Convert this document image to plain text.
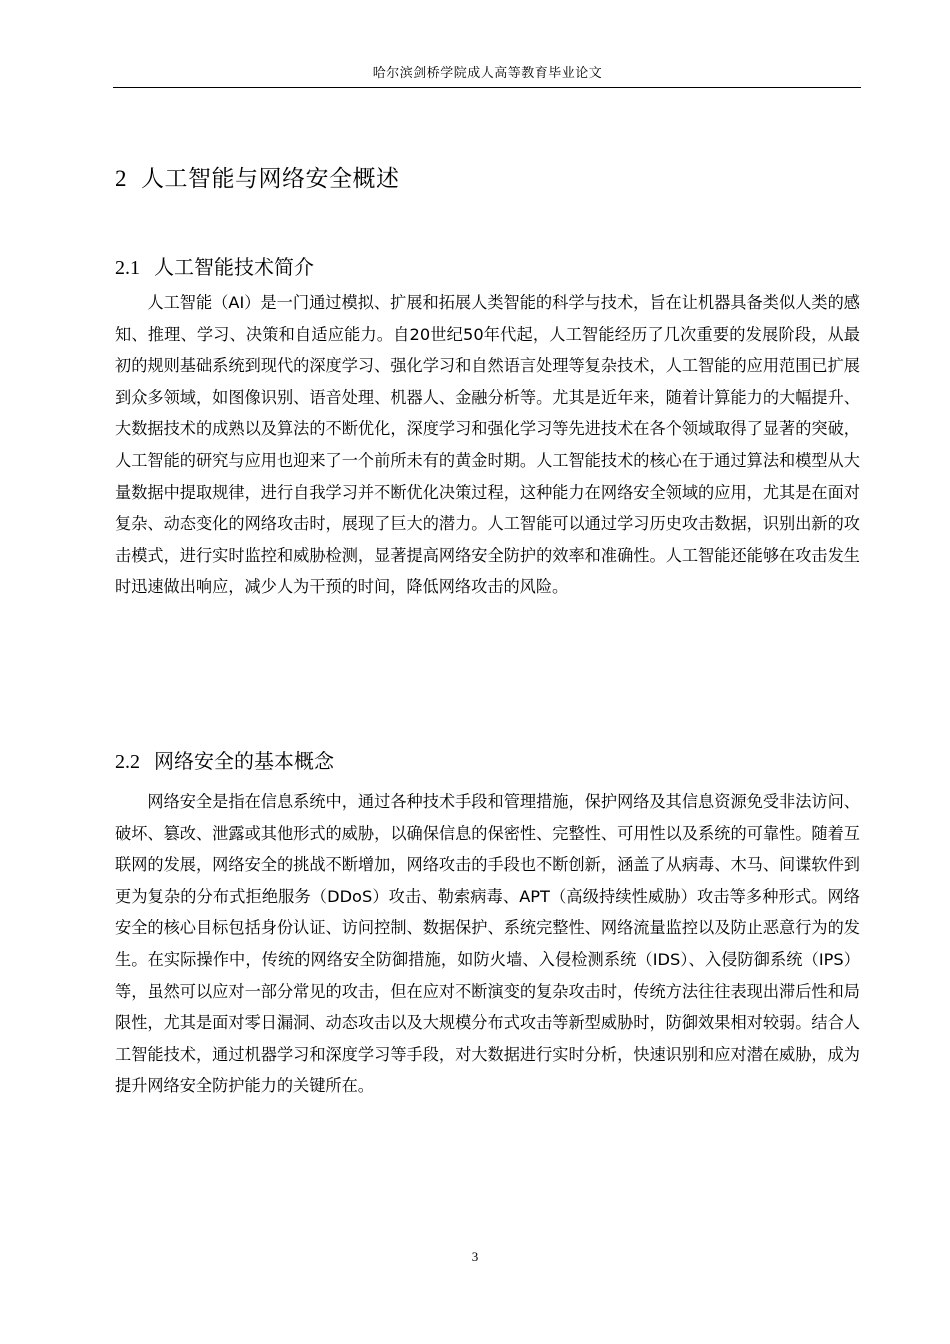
哈尔滨剑桥学院成人高等教育毕业论文
2 人工智能与网络安全概述
2.1 人工智能技术简介

人工智能（AI）是一门通过模拟、扩展和拓展人类智能的科学与技术，旨在让机器具备类似人类的感知、推理、学习、决策和自适应能力。自20世纪50年代起，人工智能经历了几次重要的发展阶段，从最初的规则基础系统到现代的深度学习、强化学习和自然语言处理等复杂技术，人工智能的应用范围已扩展到众多领域，如图像识别、语音处理、机器人、金融分析等。尤其是近年来，随着计算能力的大幅提升、大数据技术的成熟以及算法的不断优化，深度学习和强化学习等先进技术在各个领域取得了显著的突破，人工智能的研究与应用也迎来了一个前所未有的黄金时期。人工智能技术的核心在于通过算法和模型从大量数据中提取规律，进行自我学习并不断优化决策过程，这种能力在网络安全领域的应用，尤其是在面对复杂、动态变化的网络攻击时，展现了巨大的潜力。人工智能可以通过学习历史攻击数据，识别出新的攻击模式，进行实时监控和威胁检测，显著提高网络安全防护的效率和准确性。人工智能还能够在攻击发生时迅速做出响应，减少人为干预的时间，降低网络攻击的风险。

2.2 网络安全的基本概念

网络安全是指在信息系统中，通过各种技术手段和管理措施，保护网络及其信息资源免受非法访问、破坏、篡改、泄露或其他形式的威胁，以确保信息的保密性、完整性、可用性以及系统的可靠性。随着互联网的发展，网络安全的挑战不断增加，网络攻击的手段也不断创新，涵盖了从病毒、木马、间谍软件到更为复杂的分布式拒绝服务（DDoS）攻击、勒索病毒、APT（高级持续性威胁）攻击等多种形式。网络安全的核心目标包括身份认证、访问控制、数据保护、系统完整性、网络流量监控以及防止恶意行为的发生。在实际操作中，传统的网络安全防御措施，如防火墙、入侵检测系统（IDS）、入侵防御系统（IPS）等，虽然可以应对一部分常见的攻击，但在应对不断演变的复杂攻击时，传统方法往往表现出滞后性和局限性，尤其是面对零日漏洞、动态攻击以及大规模分布式攻击等新型威胁时，防御效果相对较弱。结合人工智能技术，通过机器学习和深度学习等手段，对大数据进行实时分析，快速识别和应对潜在威胁，成为提升网络安全防护能力的关键所在。

3
